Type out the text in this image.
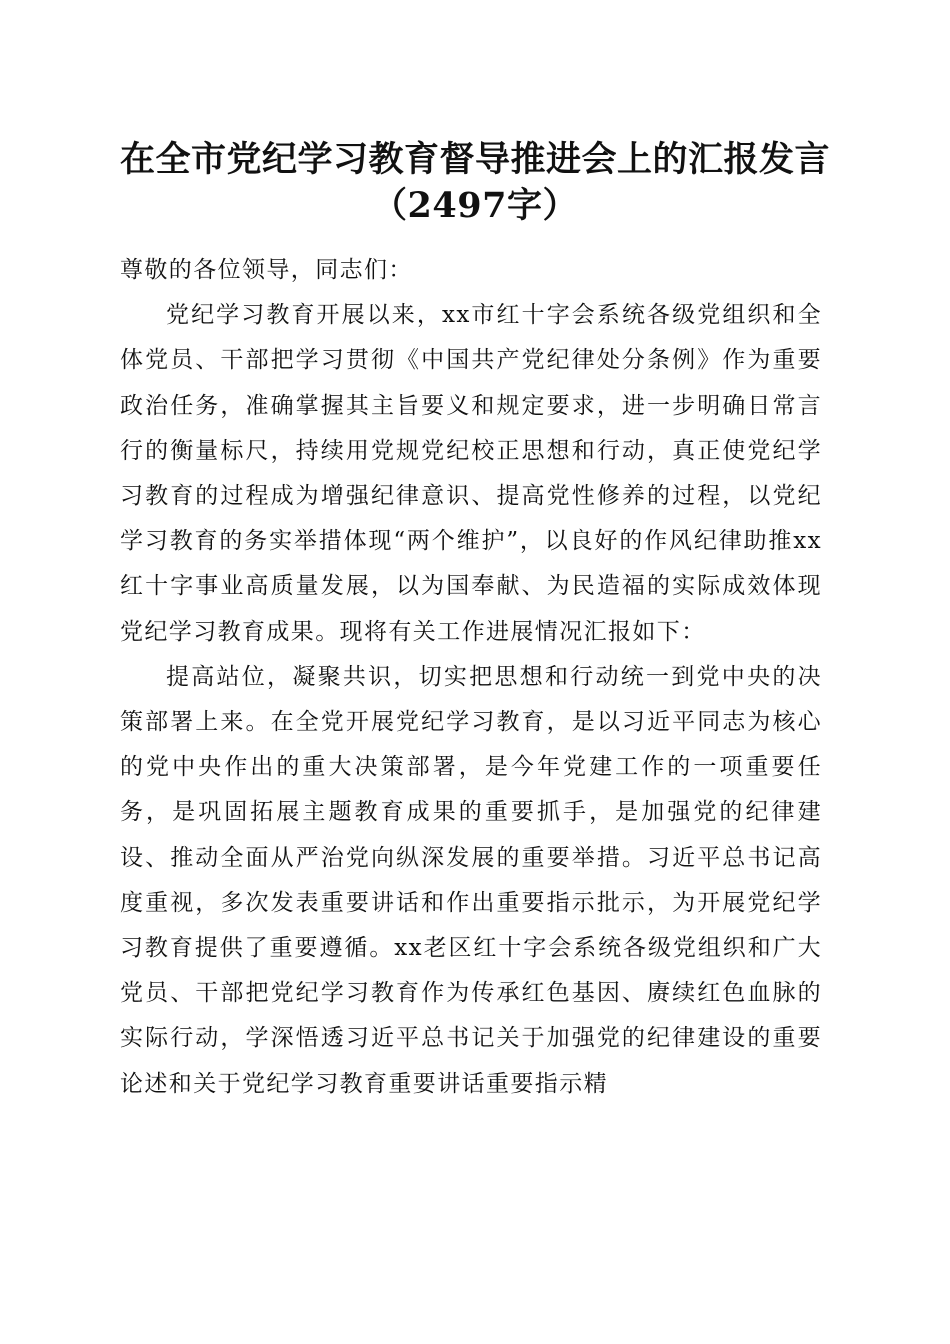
在全市党纪学习教育督导推进会上的汇报发言
（2497字）

尊敬的各位领导，同志们：

党纪学习教育开展以来，xx市红十字会系统各级党组织和全体党员、干部把学习贯彻《中国共产党纪律处分条例》作为重要政治任务，准确掌握其主旨要义和规定要求，进一步明确日常言行的衡量标尺，持续用党规党纪校正思想和行动，真正使党纪学习教育的过程成为增强纪律意识、提高党性修养的过程，以党纪学习教育的务实举措体现“两个维护”，以良好的作风纪律助推xx红十字事业高质量发展，以为国奉献、为民造福的实际成效体现党纪学习教育成果。现将有关工作进展情况汇报如下：

提高站位，凝聚共识，切实把思想和行动统一到党中央的决策部署上来。在全党开展党纪学习教育，是以习近平同志为核心的党中央作出的重大决策部署，是今年党建工作的一项重要任务，是巩固拓展主题教育成果的重要抓手，是加强党的纪律建设、推动全面从严治党向纵深发展的重要举措。习近平总书记高度重视，多次发表重要讲话和作出重要指示批示，为开展党纪学习教育提供了重要遵循。xx老区红十字会系统各级党组织和广大党员、干部把党纪学习教育作为传承红色基因、赓续红色血脉的实际行动，学深悟透习近平总书记关于加强党的纪律建设的重要论述和关于党纪学习教育重要讲话重要指示精
